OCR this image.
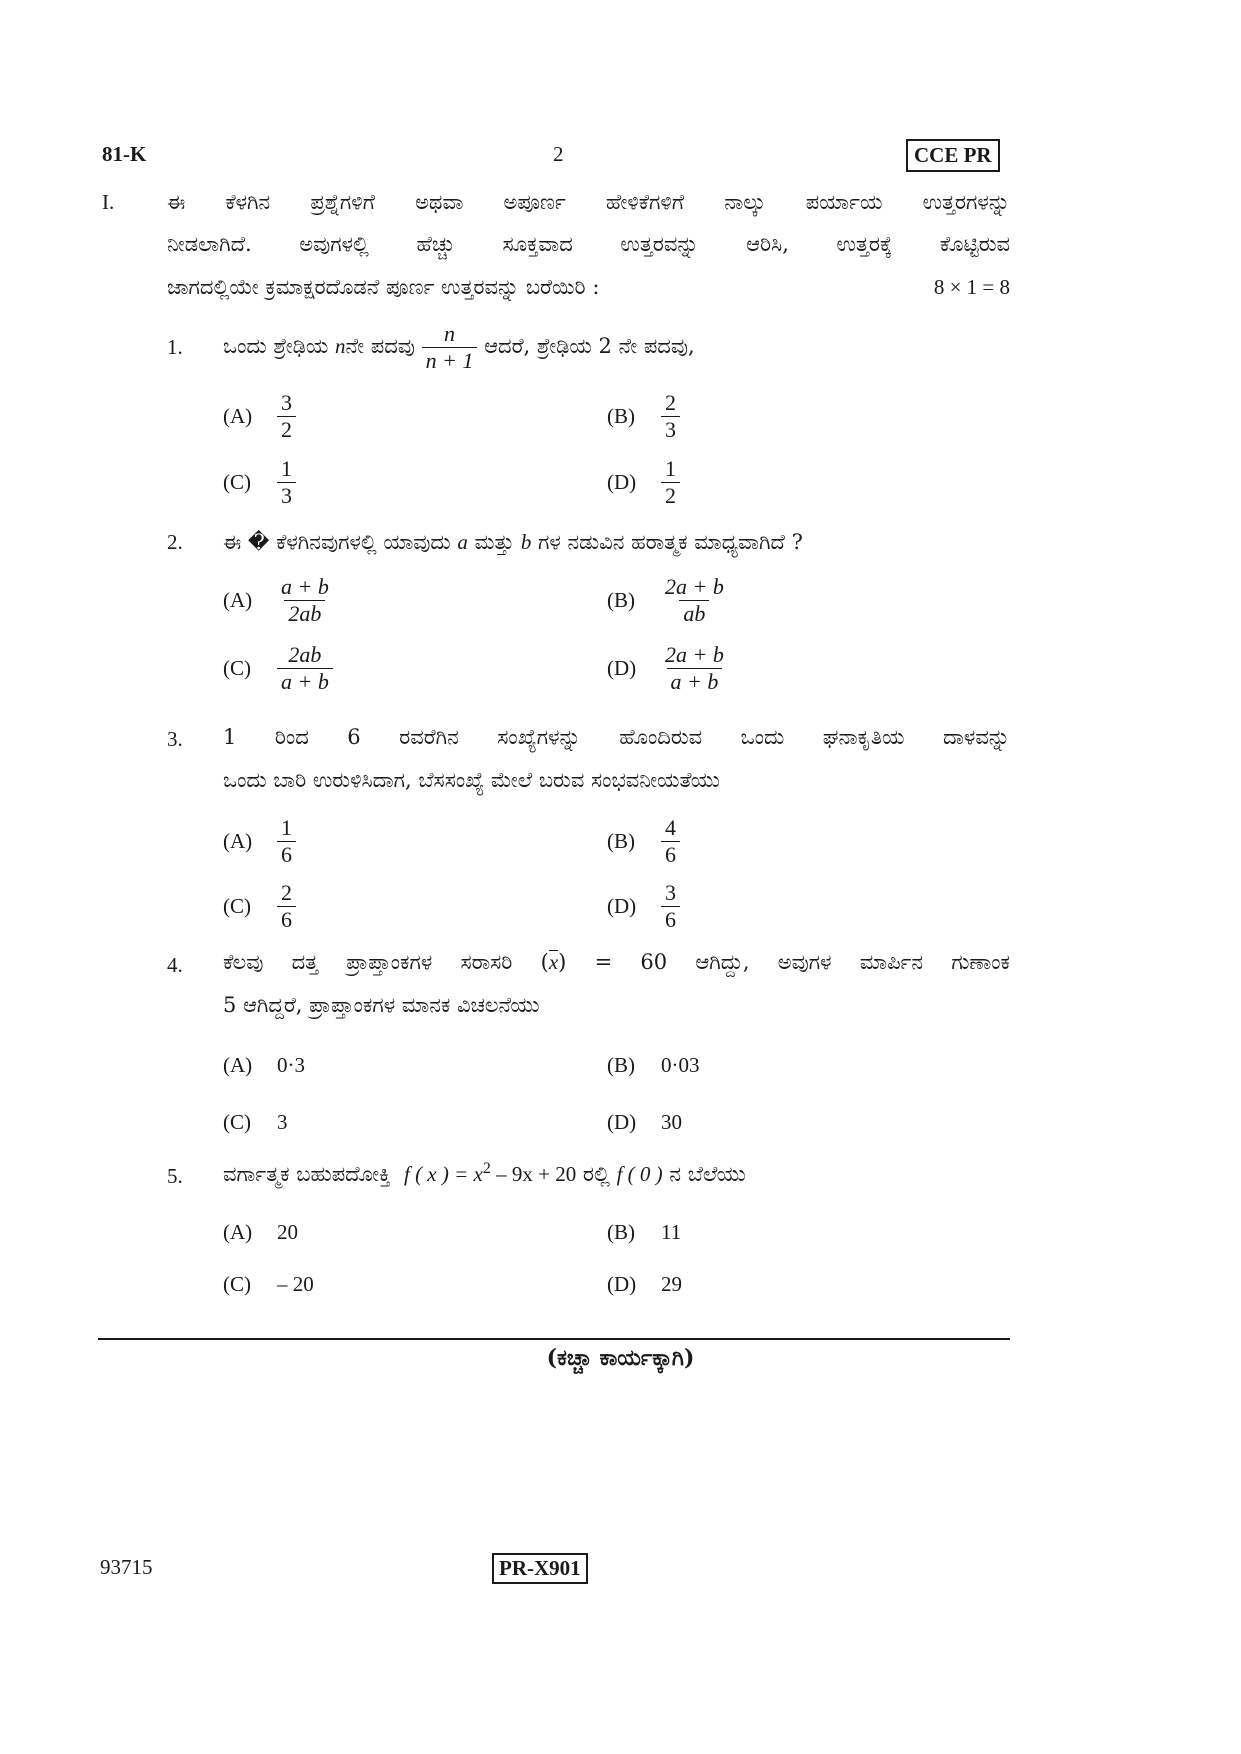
81-K	2	CCE PR
I.	ಈ ಕೆಳಗಿನ ಪ್ರಶ್ನೆಗಳಿಗೆ ಅಥವಾ ಅಪೂರ್ಣ ಹೇಳಿಕೆಗಳಿಗೆ ನಾಲ್ಕು ಪರ್ಯಾಯ ಉತ್ತರಗಳನ್ನು
ನೀಡಲಾಗಿದೆ. ಅವುಗಳಲ್ಲಿ ಹೆಚ್ಚು ಸೂಕ್ತವಾದ ಉತ್ತರವನ್ನು ಆರಿಸಿ, ಉತ್ತರಕ್ಕೆ ಕೊಟ್ಟಿರುವ
ಜಾಗದಲ್ಲಿಯೇ ಕ್ರಮಾಕ್ಷರದೊಡನೆ ಪೂರ್ಣ ಉತ್ತರವನ್ನು ಬರೆಯಿರಿ :	8 × 1 = 8
1. ಒಂದು ಶ್ರೇಢಿಯ nನೇ ಪದವು $\frac{n}{n + 1}$ ಆದರೆ, ಶ್ರೇಢಿಯ 2 ನೇ ಪದವು,
(A)	$\frac{3}{2}$	(B)	$\frac{2}{3}$
(C)	$\frac{1}{3}$	(D)	$\frac{1}{2}$
2. ಈ � ಕೆಳಗಿನವುಗಳಲ್ಲಿ ಯಾವುದು a ಮತ್ತು b ಗಳ ನಡುವಿನ ಹರಾತ್ಮಕ ಮಾಧ್ಯವಾಗಿದೆ ?
(A)	$\frac{a + b}{2ab}$	(B)	$\frac{2a + b}{ab}$
(C)	$\frac{2ab}{a + b}$	(D)	$\frac{2a + b}{a + b}$
3. 1 ರಿಂದ 6 ರವರೆಗಿನ ಸಂಖ್ಯೆಗಳನ್ನು ಹೊಂದಿರುವ ಒಂದು ಘನಾಕೃತಿಯ ದಾಳವನ್ನು
ಒಂದು ಬಾರಿ ಉರುಳಿಸಿದಾಗ, ಬೆಸಸಂಖ್ಯೆ ಮೇಲೆ ಬರುವ ಸಂಭವನೀಯತೆಯು
(A)	$\frac{1}{6}$	(B)	$\frac{4}{6}$
(C)	$\frac{2}{6}$	(D)	$\frac{3}{6}$
4. ಕೆಲವು ದತ್ತ ಪ್ರಾಪ್ತಾಂಕಗಳ ಸರಾಸರಿ (x) = 60 ಆಗಿದ್ದು, ಅವುಗಳ ಮಾರ್ಪಿನ ಗುಣಾಂಕ
5 ಆಗಿದ್ದರೆ, ಪ್ರಾಪ್ತಾಂಕಗಳ ಮಾನಕ ವಿಚಲನೆಯು
(A)	0·3	(B)	0·03
(C)	3	(D)	30
5. ವರ್ಗಾತ್ಮಕ ಬಹುಪದೋಕ್ತಿ f ( x ) = $x^2 - 9x + 20$ ರಲ್ಲಿ f ( 0 ) ನ ಬೆಲೆಯು
(A)	20	(B)	11
(C)	– 20	(D)	29
(ಕಚ್ಚಾ ಕಾರ್ಯಕ್ಕಾಗಿ)
93715	PR-X901
